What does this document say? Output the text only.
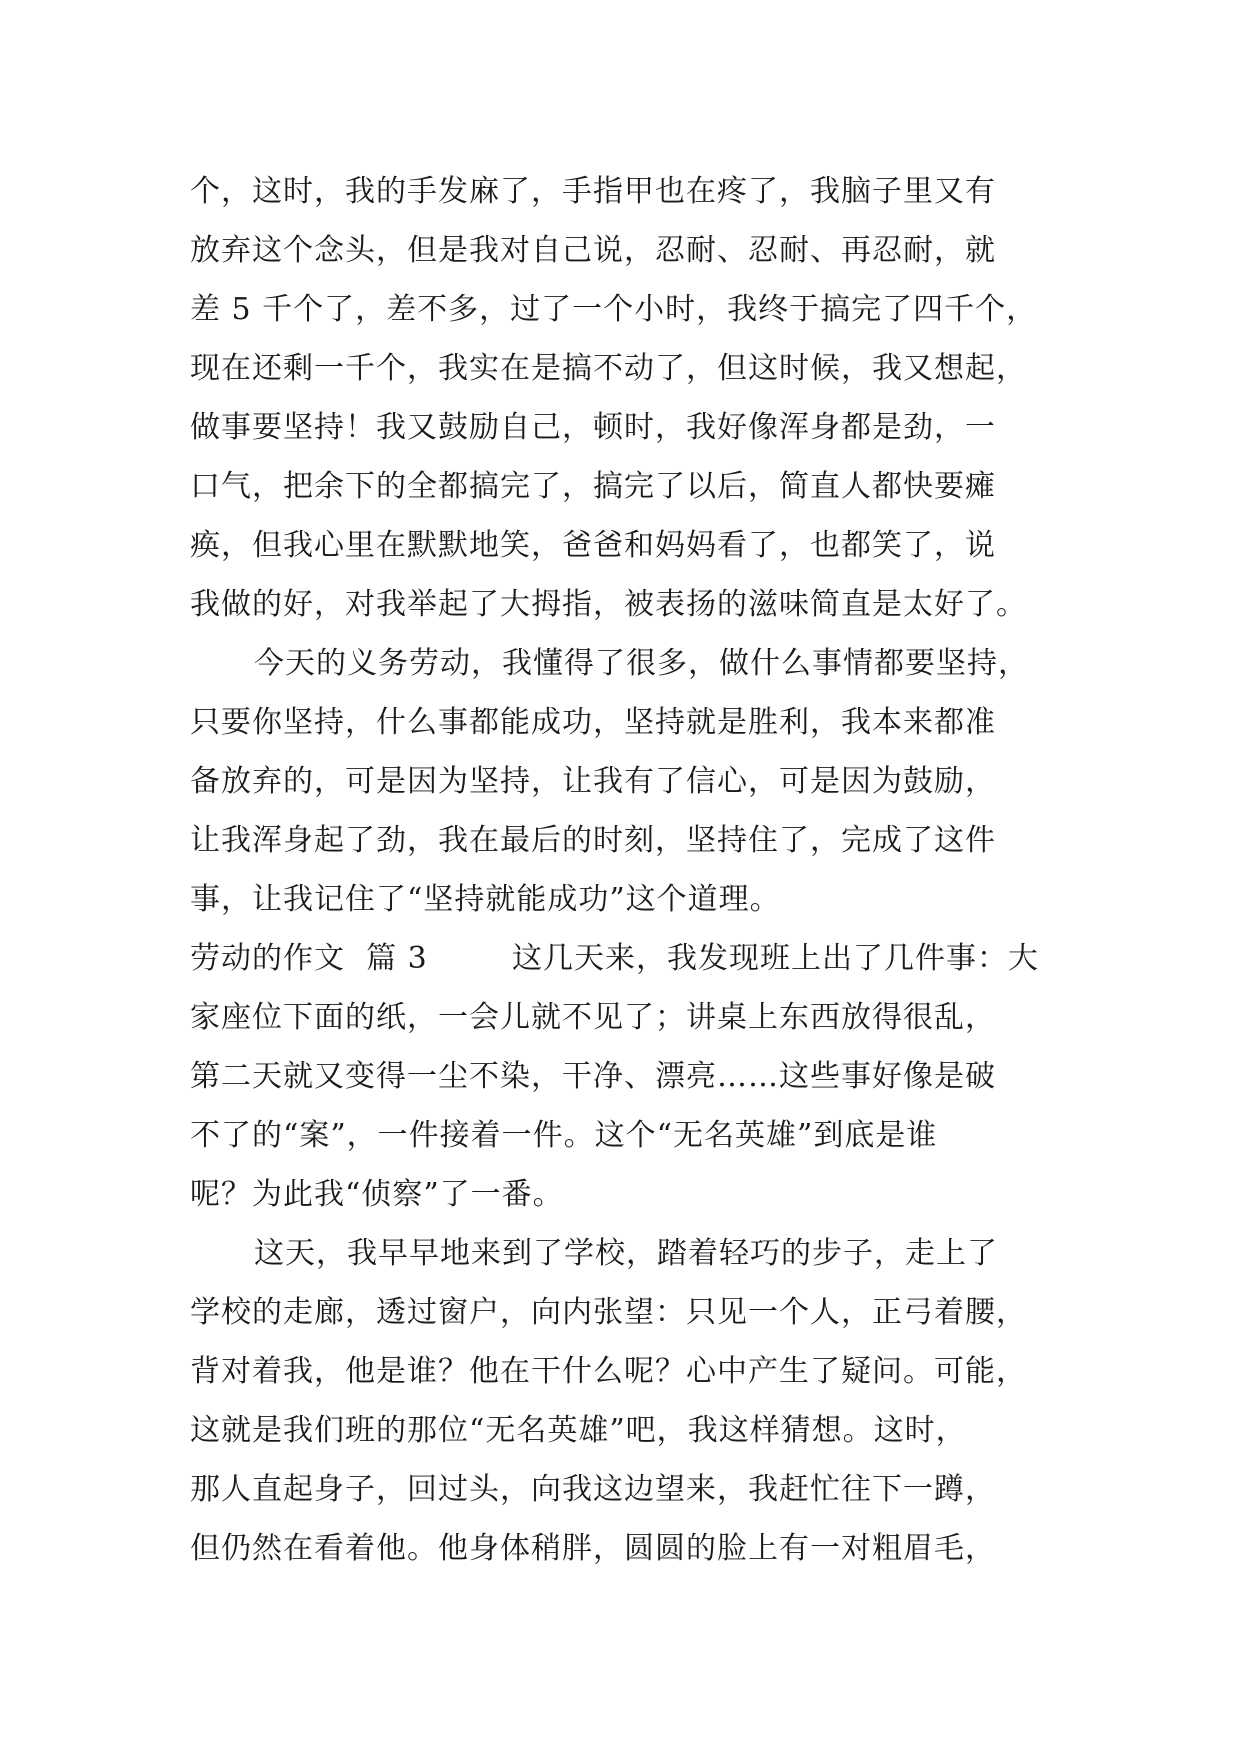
个，这时，我的手发麻了，手指甲也在疼了，我脑子里又有
放弃这个念头，但是我对自己说，忍耐、忍耐、再忍耐，就
差 5 千个了，差不多，过了一个小时，我终于搞完了四千个，
现在还剩一千个，我实在是搞不动了，但这时候，我又想起，
做事要坚持！我又鼓励自己，顿时，我好像浑身都是劲，一
口气，把余下的全都搞完了，搞完了以后，简直人都快要瘫
痪，但我心里在默默地笑，爸爸和妈妈看了，也都笑了，说
我做的好，对我举起了大拇指，被表扬的滋味简直是太好了。
今天的义务劳动，我懂得了很多，做什么事情都要坚持，
只要你坚持，什么事都能成功，坚持就是胜利，我本来都准
备放弃的，可是因为坚持，让我有了信心，可是因为鼓励，
让我浑身起了劲，我在最后的时刻，坚持住了，完成了这件
事，让我记住了“坚持就能成功”这个道理。
劳动的作文  篇 3        这几天来，我发现班上出了几件事：大
家座位下面的纸，一会儿就不见了；讲桌上东西放得很乱，
第二天就又变得一尘不染，干净、漂亮……这些事好像是破
不了的“案”，一件接着一件。这个“无名英雄”到底是谁
呢？为此我“侦察”了一番。
这天，我早早地来到了学校，踏着轻巧的步子，走上了
学校的走廊，透过窗户，向内张望：只见一个人，正弓着腰，
背对着我，他是谁？他在干什么呢？心中产生了疑问。可能，
这就是我们班的那位“无名英雄”吧，我这样猜想。这时，
那人直起身子，回过头，向我这边望来，我赶忙往下一蹲，
但仍然在看着他。他身体稍胖，圆圆的脸上有一对粗眉毛，
